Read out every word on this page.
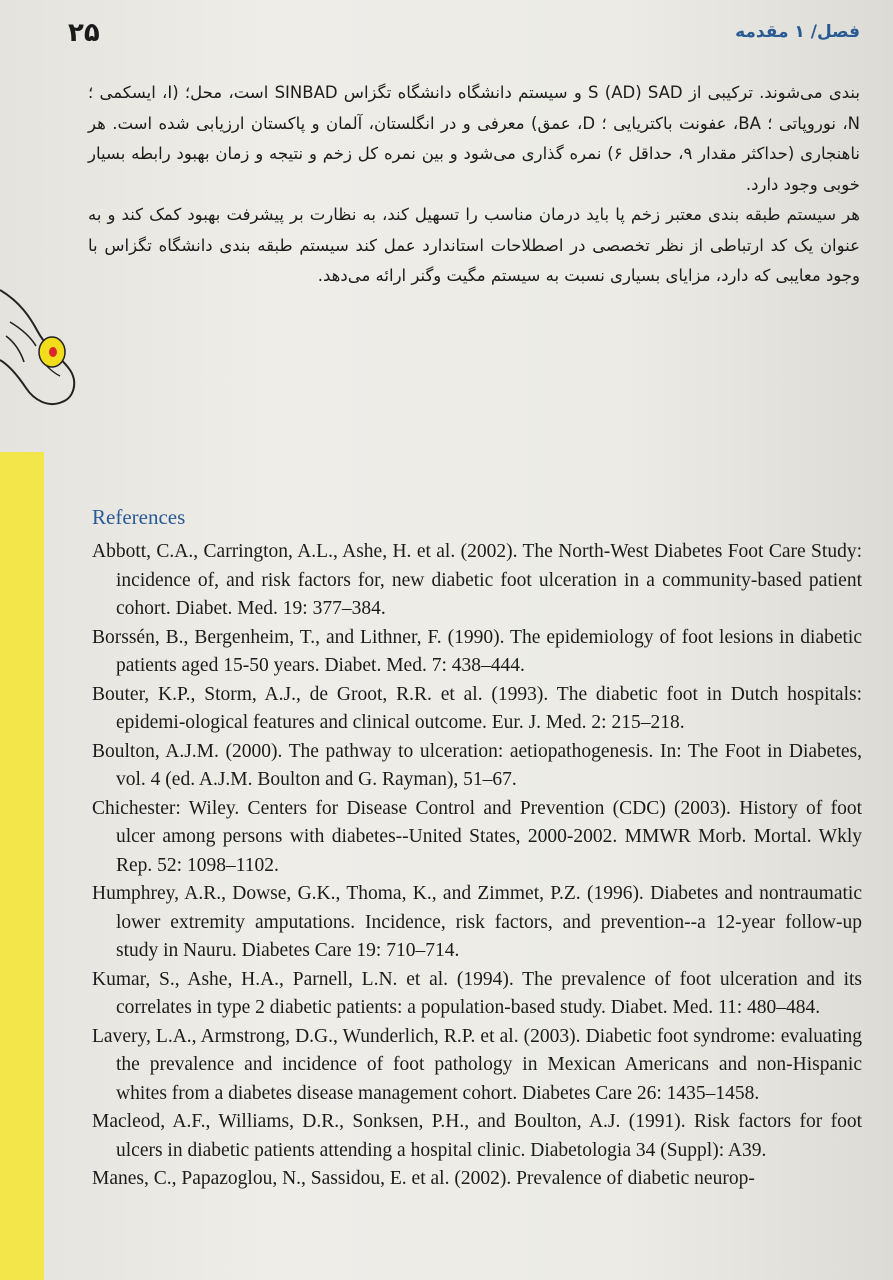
۲۵	فصل/ ۱ مقدمه

بندی می‌شوند. ترکیبی از S (AD) SAD و سیستم دانشگاه دانشگاه تگزاس SINBAD است، محل؛ (I، ایسکمی ؛ N، نوروپاتی ؛ BA، عفونت باکتریایی ؛ D، عمق) معرفی و در انگلستان، آلمان و پاکستان ارزیابی شده است. هر ناهنجاری (حداکثر مقدار ۹، حداقل ۶) نمره گذاری می‌شود و بین نمره کل زخم و نتیجه و زمان بهبود رابطه بسیار خوبی وجود دارد.

هر سیستم طبقه بندی معتبر زخم پا باید درمان مناسب را تسهیل کند، به نظارت بر پیشرفت بهبود کمک کند و به عنوان یک کد ارتباطی از نظر تخصصی در اصطلاحات استاندارد عمل کند سیستم طبقه بندی دانشگاه تگزاس با وجود معایبی که دارد، مزایای بسیاری نسبت به سیستم مگیت وگنر ارائه می‌دهد.

References
Abbott, C.A., Carrington, A.L., Ashe, H. et al. (2002). The North-West Diabetes Foot Care Study: incidence of, and risk factors for, new diabetic foot ulceration in a community-based patient cohort. Diabet. Med. 19: 377–384.
Borssén, B., Bergenheim, T., and Lithner, F. (1990). The epidemiology of foot lesions in diabetic patients aged 15-50 years. Diabet. Med. 7: 438–444.
Bouter, K.P., Storm, A.J., de Groot, R.R. et al. (1993). The diabetic foot in Dutch hospitals: epidemi-ological features and clinical outcome. Eur. J. Med. 2: 215–218.
Boulton, A.J.M. (2000). The pathway to ulceration: aetiopathogenesis. In: The Foot in Diabetes, vol. 4 (ed. A.J.M. Boulton and G. Rayman), 51–67.
Chichester: Wiley. Centers for Disease Control and Prevention (CDC) (2003). History of foot ulcer among persons with diabetes--United States, 2000-2002. MMWR Morb. Mortal. Wkly Rep. 52: 1098–1102.
Humphrey, A.R., Dowse, G.K., Thoma, K., and Zimmet, P.Z. (1996). Diabetes and nontraumatic lower extremity amputations. Incidence, risk factors, and prevention--a 12-year follow-up study in Nauru. Diabetes Care 19: 710–714.
Kumar, S., Ashe, H.A., Parnell, L.N. et al. (1994). The prevalence of foot ulceration and its correlates in type 2 diabetic patients: a population-based study. Diabet. Med. 11: 480–484.
Lavery, L.A., Armstrong, D.G., Wunderlich, R.P. et al. (2003). Diabetic foot syndrome: evaluating the prevalence and incidence of foot pathology in Mexican Americans and non-Hispanic whites from a diabetes disease management cohort. Diabetes Care 26: 1435–1458.
Macleod, A.F., Williams, D.R., Sonksen, P.H., and Boulton, A.J. (1991). Risk factors for foot ulcers in diabetic patients attending a hospital clinic. Diabetologia 34 (Suppl): A39.
Manes, C., Papazoglou, N., Sassidou, E. et al. (2002). Prevalence of diabetic neurop-
